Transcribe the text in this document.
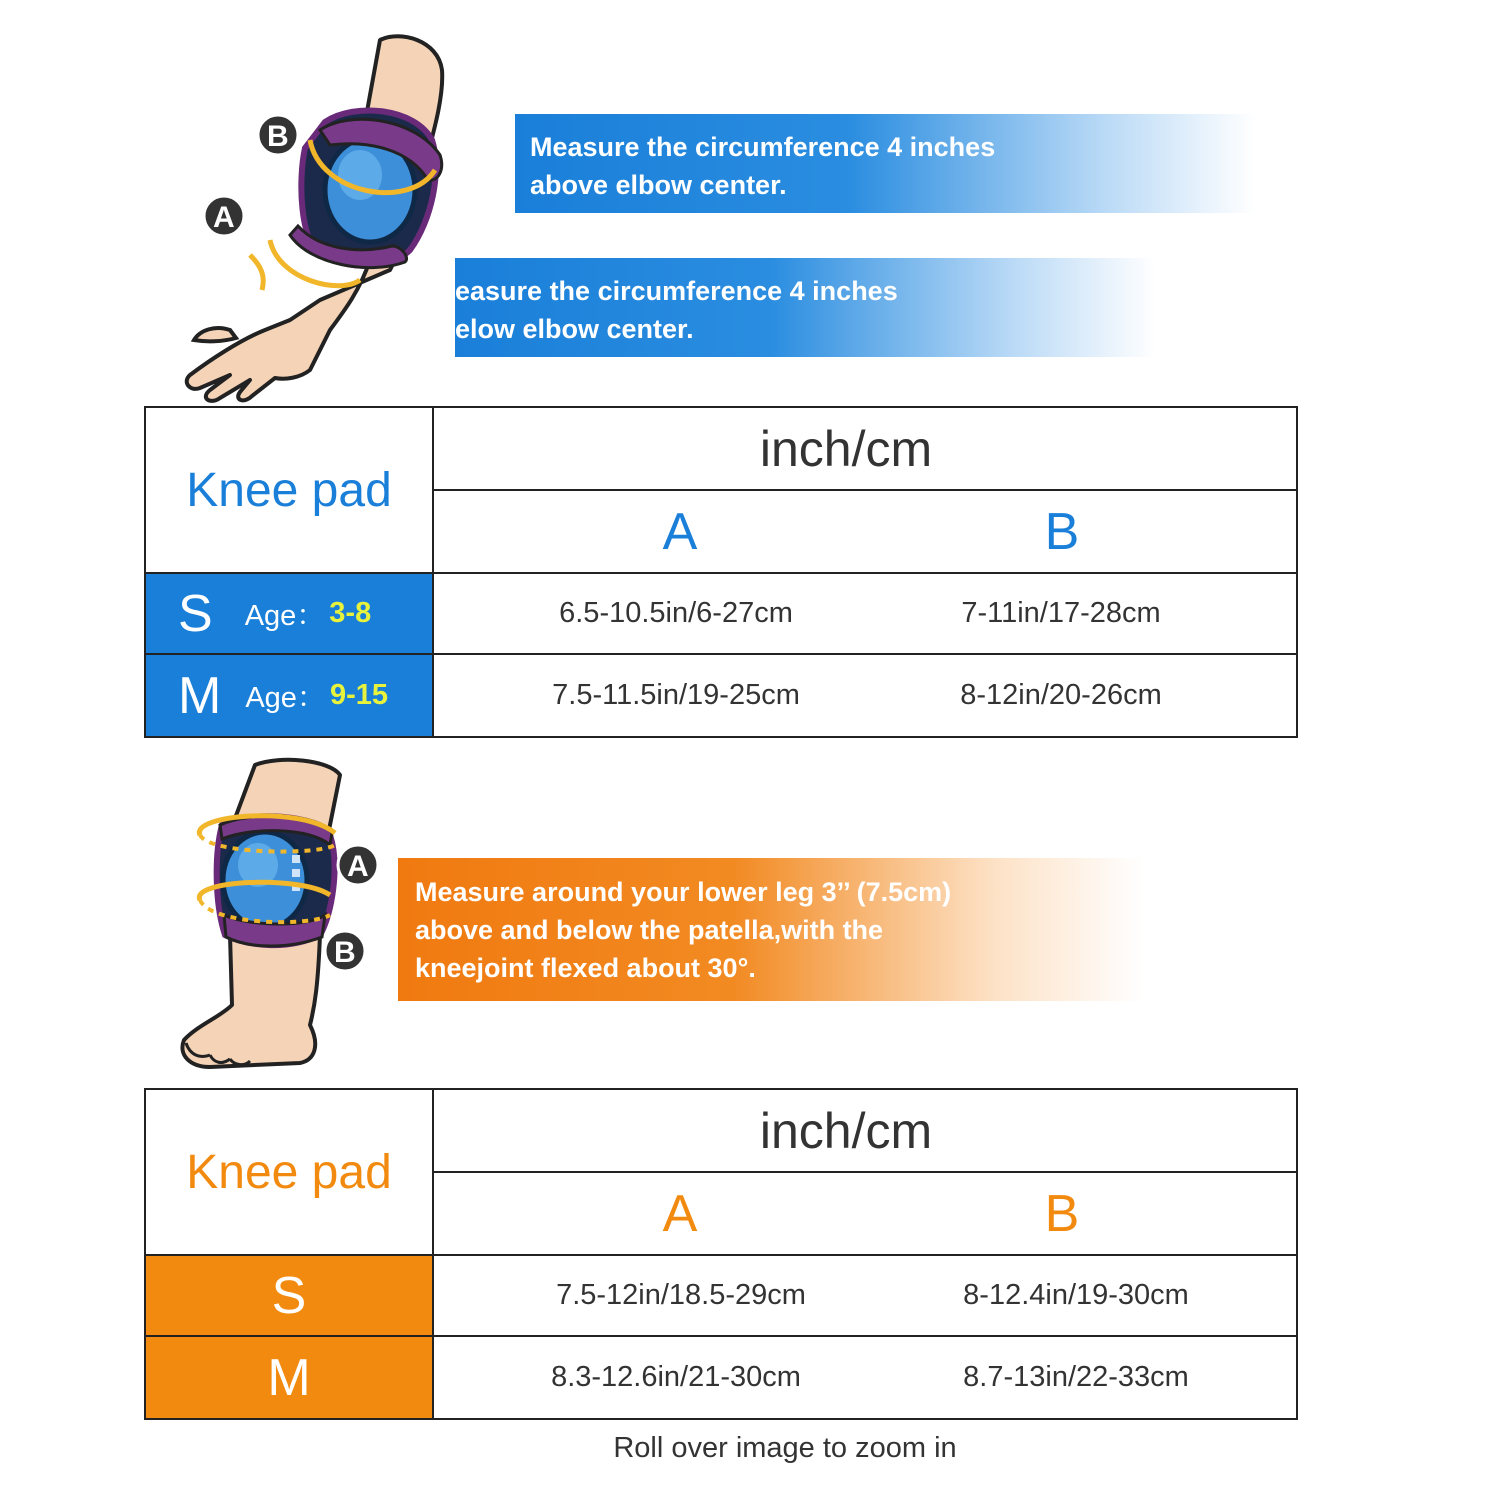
B
A
Measure the circumference 4 inches
above elbow center.
easure the circumference 4 inches
elow elbow center.
Knee pad
inch/cm
A	B
S Age： 3-8	6.5-10.5in/6-27cm	7-11in/17-28cm
M Age： 9-15	7.5-11.5in/19-25cm	8-12in/20-26cm
A
B
Measure around your lower leg 3’’ (7.5cm)
above and below the patella,with the
kneejoint flexed about 30°.
Knee pad
inch/cm
A	B
S	7.5-12in/18.5-29cm	8-12.4in/19-30cm
M	8.3-12.6in/21-30cm	8.7-13in/22-33cm
Roll over image to zoom in
